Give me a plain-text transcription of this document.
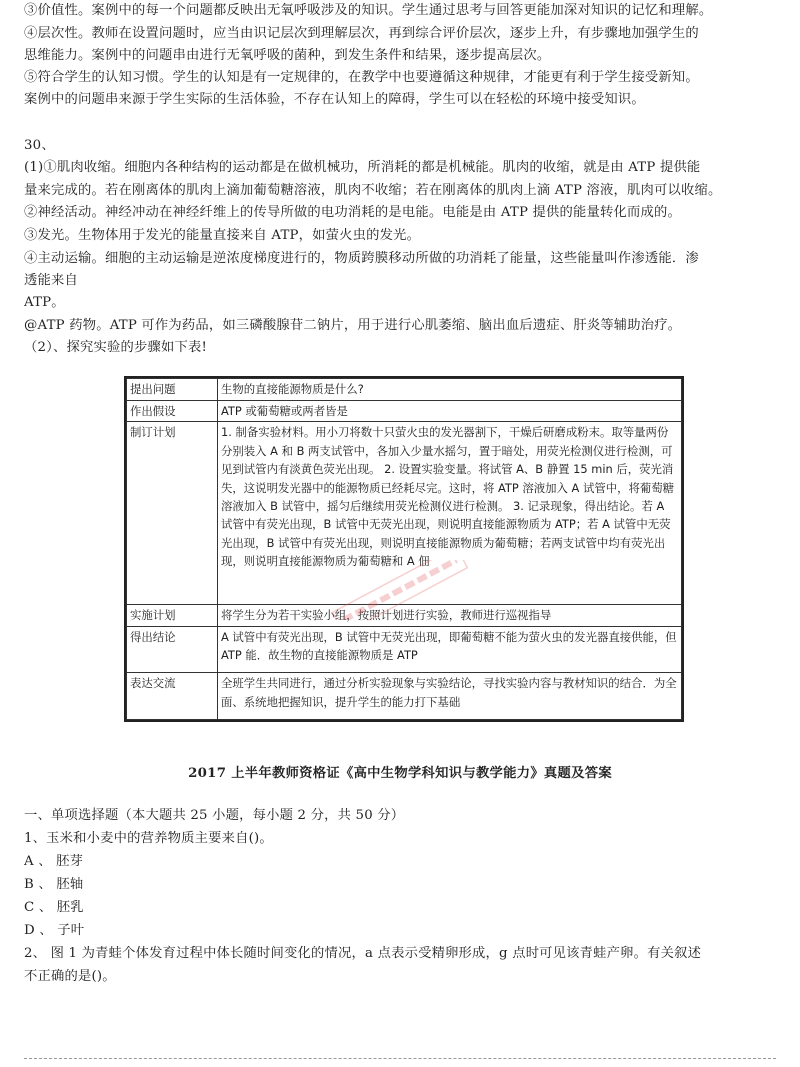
③价值性。案例中的每一个问题都反映出无氧呼吸涉及的知识。学生通过思考与回答更能加深对知识的记忆和理解。

④层次性。教师在设置问题时，应当由识记层次到理解层次，再到综合评价层次，逐步上升，有步骤地加强学生的

思维能力。案例中的问题串由进行无氧呼吸的菌种，到发生条件和结果，逐步提高层次。

⑤符合学生的认知习惯。学生的认知是有一定规律的，在教学中也要遵循这种规律，才能更有利于学生接受新知。

案例中的问题串来源于学生实际的生活体验，不存在认知上的障碍，学生可以在轻松的环境中接受知识。

30、

(1)①肌肉收缩。细胞内各种结构的运动都是在做机械功，所消耗的都是机械能。肌肉的收缩，就是由 ATP 提供能

量来完成的。若在刚离体的肌肉上滴加葡萄糖溶液，肌肉不收缩；若在刚离体的肌肉上滴 ATP 溶液，肌肉可以收缩。

②神经活动。神经冲动在神经纤维上的传导所做的电功消耗的是电能。电能是由 ATP 提供的能量转化而成的。

③发光。生物体用于发光的能量直接来自 ATP，如萤火虫的发光。

④主动运输。细胞的主动运输是逆浓度梯度进行的，物质跨膜移动所做的功消耗了能量，这些能量叫作渗透能．渗

透能来自

ATP。

@ATP 药物。ATP 可作为药品，如三磷酸腺苷二钠片，用于进行心肌萎缩、脑出血后遗症、肝炎等辅助治疗。

（2）、探究实验的步骤如下表!

提出问题	生物的直接能源物质是什么?
作出假设	ATP 或葡萄糖或两者皆是
制订计划	1. 制备实验材料。用小刀将数十只萤火虫的发光器割下，干燥后研磨成粉末。取等量两份分别装入 A 和 B 两支试管中，各加入少量水摇匀，置于暗处，用荧光检测仪进行检测，可见到试管内有淡黄色荧光出现。 2. 设置实验变量。将试管 A、B 静置 15 min 后，荧光消失，这说明发光器中的能源物质已经耗尽完。这时，将 ATP 溶液加入 A 试管中，将葡萄糖溶液加入 B 试管中，摇匀后继续用荧光检测仪进行检测。 3. 记录现象，得出结论。若 A 试管中有荧光出现，B 试管中无荧光出现，则说明直接能源物质为 ATP；若 A 试管中无荧光出现，B 试管中有荧光出现，则说明直接能源物质为葡萄糖；若两支试管中均有荧光出现，则说明直接能源物质为葡萄糖和 A 佃
实施计划	将学生分为若干实验小组，按照计划进行实验，教师进行巡视指导
得出结论	A 试管中有荧光出现，B 试管中无荧光出现，即葡萄糖不能为萤火虫的发光器直接供能，但 ATP 能．故生物的直接能源物质是 ATP
表达交流	全班学生共同进行，通过分析实验现象与实验结论，寻找实验内容与教材知识的结合．为全面、系统地把握知识，提升学生的能力打下基础
2017 上半年教师资格证《高中生物学科知识与教学能力》真题及答案

一、单项选择题（本大题共 25 小题，每小题 2 分，共 50 分）

1、玉米和小麦中的营养物质主要来自()。

A 、 胚芽

B 、 胚轴

C 、 胚乳

D 、 子叶

2、 图 1 为青蛙个体发育过程中体长随时间变化的情况，a 点表示受精卵形成，g 点时可见该青蛙产卵。有关叙述

不正确的是()。
